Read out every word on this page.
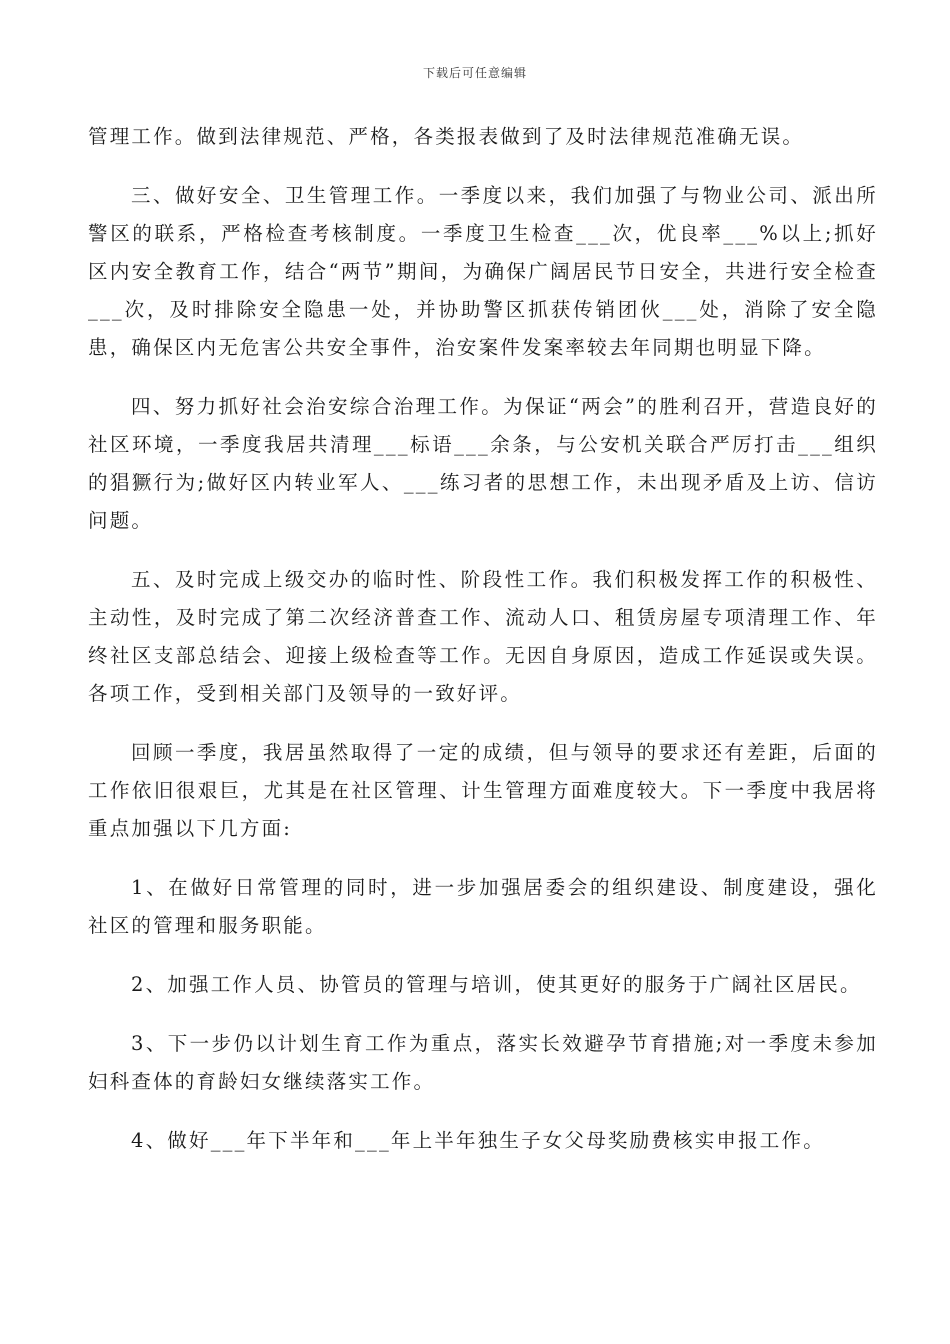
下载后可任意编辑

管理工作。做到法律规范、严格，各类报表做到了及时法律规范准确无误。

三、做好安全、卫生管理工作。一季度以来，我们加强了与物业公司、派出所警区的联系，严格检查考核制度。一季度卫生检查___次，优良率___%以上;抓好区内安全教育工作，结合“两节”期间，为确保广阔居民节日安全，共进行安全检查___次，及时排除安全隐患一处，并协助警区抓获传销团伙___处，消除了安全隐患，确保区内无危害公共安全事件，治安案件发案率较去年同期也明显下降。

四、努力抓好社会治安综合治理工作。为保证“两会”的胜利召开，营造良好的社区环境，一季度我居共清理___标语___余条，与公安机关联合严厉打击___组织的猖獗行为;做好区内转业军人、___练习者的思想工作，未出现矛盾及上访、信访问题。

五、及时完成上级交办的临时性、阶段性工作。我们积极发挥工作的积极性、主动性，及时完成了第二次经济普查工作、流动人口、租赁房屋专项清理工作、年终社区支部总结会、迎接上级检查等工作。无因自身原因，造成工作延误或失误。各项工作，受到相关部门及领导的一致好评。

回顾一季度，我居虽然取得了一定的成绩，但与领导的要求还有差距，后面的工作依旧很艰巨，尤其是在社区管理、计生管理方面难度较大。下一季度中我居将重点加强以下几方面:

1、在做好日常管理的同时，进一步加强居委会的组织建设、制度建设，强化社区的管理和服务职能。

2、加强工作人员、协管员的管理与培训，使其更好的服务于广阔社区居民。

3、下一步仍以计划生育工作为重点，落实长效避孕节育措施;对一季度未参加妇科查体的育龄妇女继续落实工作。

4、做好___年下半年和___年上半年独生子女父母奖励费核实申报工作。
